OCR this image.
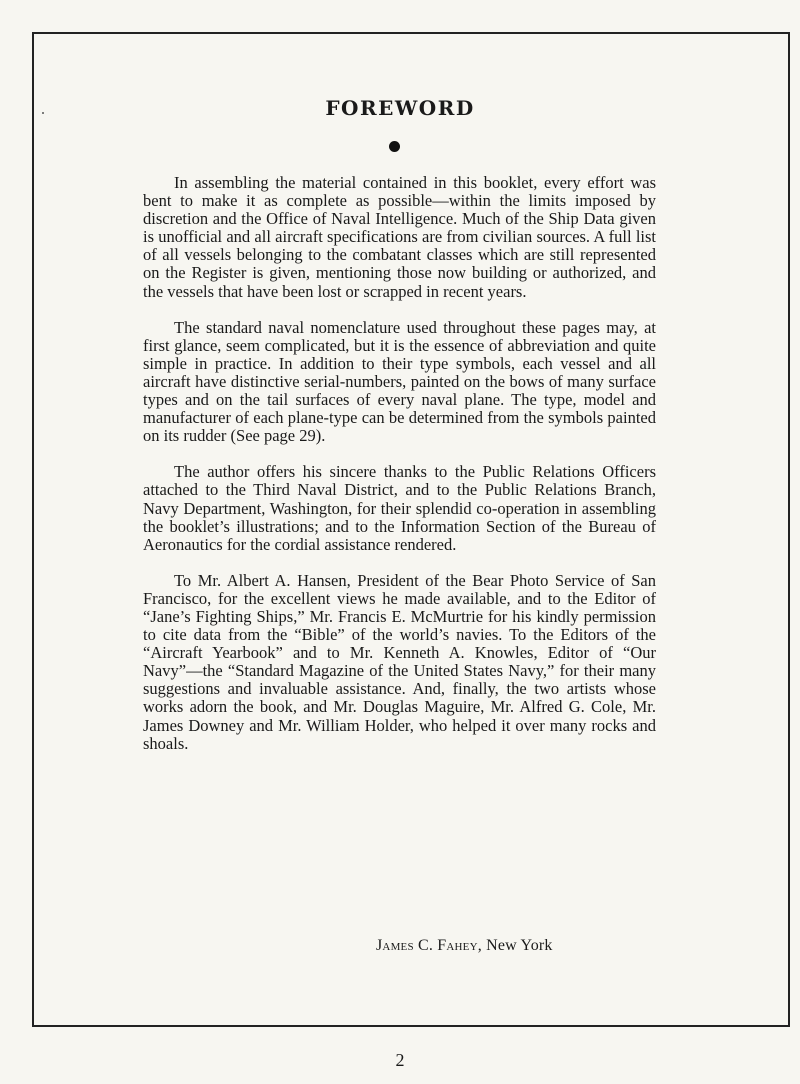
FOREWORD

In assembling the material contained in this booklet, every effort was bent to make it as complete as possible—within the limits imposed by discretion and the Office of Naval Intelligence. Much of the Ship Data given is unofficial and all aircraft specifications are from civilian sources. A full list of all vessels belonging to the combatant classes which are still represented on the Register is given, mentioning those now building or authorized, and the vessels that have been lost or scrapped in recent years.

The standard naval nomenclature used throughout these pages may, at first glance, seem complicated, but it is the essence of abbreviation and quite simple in practice. In addition to their type symbols, each vessel and all aircraft have distinctive serial-numbers, painted on the bows of many surface types and on the tail surfaces of every naval plane. The type, model and manufacturer of each plane-type can be determined from the symbols painted on its rudder (See page 29).

The author offers his sincere thanks to the Public Relations Officers attached to the Third Naval District, and to the Public Relations Branch, Navy Department, Washington, for their splendid co-operation in assembling the booklet’s illustrations; and to the Information Section of the Bureau of Aeronautics for the cordial assistance rendered.

To Mr. Albert A. Hansen, President of the Bear Photo Service of San Francisco, for the excellent views he made available, and to the Editor of “Jane’s Fighting Ships,” Mr. Francis E. McMurtrie for his kindly permission to cite data from the “Bible” of the world’s navies. To the Editors of the “Aircraft Yearbook” and to Mr. Kenneth A. Knowles, Editor of “Our Navy”—the “Standard Magazine of the United States Navy,” for their many suggestions and invaluable assistance. And, finally, the two artists whose works adorn the book, and Mr. Douglas Maguire, Mr. Alfred G. Cole, Mr. James Downey and Mr. William Holder, who helped it over many rocks and shoals.

James C. Fahey, New York
2
